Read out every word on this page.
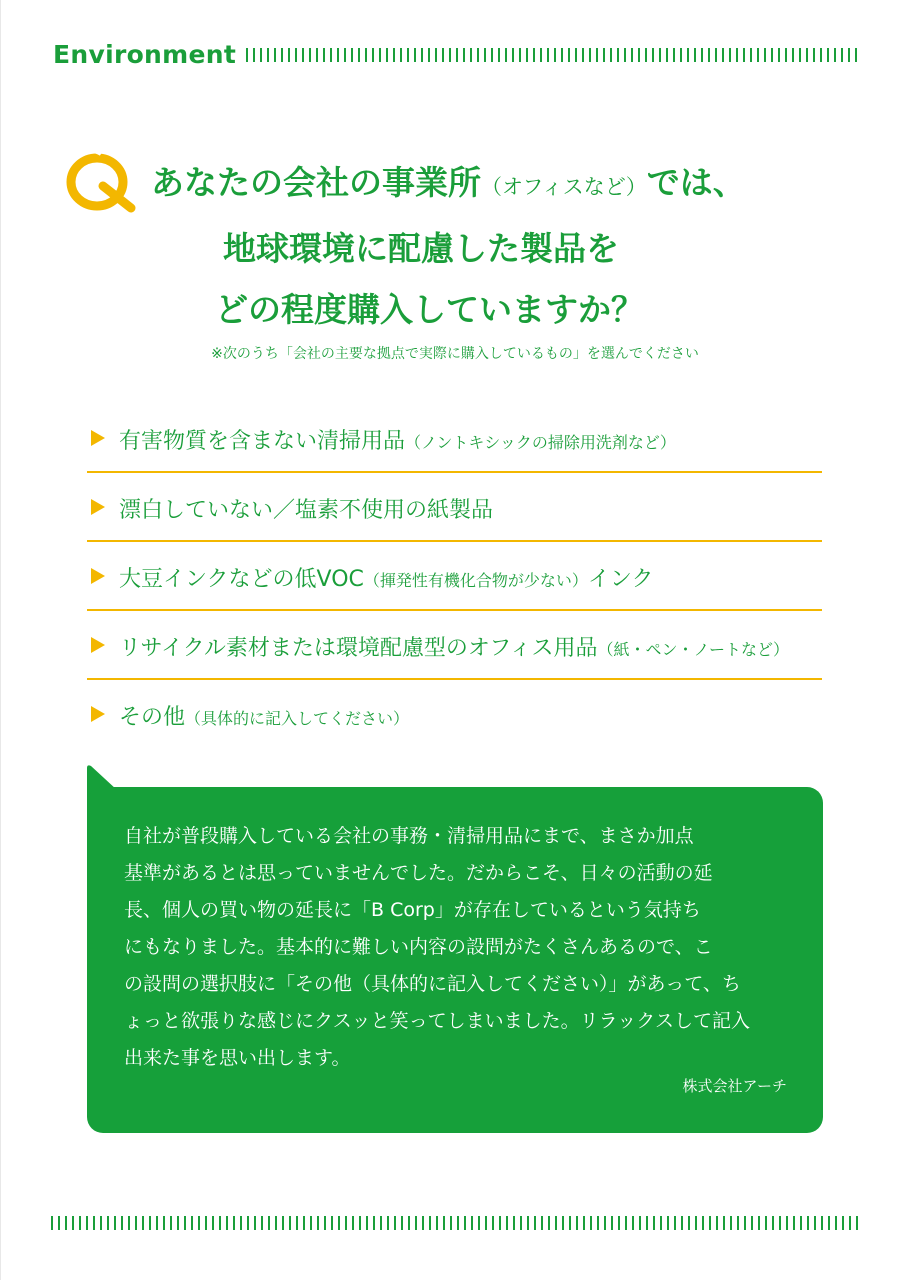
Environment
あなたの会社の事業所（オフィスなど）では、
地球環境に配慮した製品を
どの程度購入していますか？
※次のうち「会社の主要な拠点で実際に購入しているもの」を選んでください
有害物質を含まない清掃用品（ノントキシックの掃除用洗剤など）
漂白していない／塩素不使用の紙製品
大豆インクなどの低VOC（揮発性有機化合物が少ない）インク
リサイクル素材または環境配慮型のオフィス用品（紙・ペン・ノートなど）
その他（具体的に記入してください）

自社が普段購入している会社の事務・清掃用品にまで、まさか加点
基準があるとは思っていませんでした。だからこそ、日々の活動の延
長、個人の買い物の延長に「B Corp」が存在しているという気持ち
にもなりました。基本的に難しい内容の設問がたくさんあるので、こ
の設問の選択肢に「その他（具体的に記入してください）」があって、ち
ょっと欲張りな感じにクスッと笑ってしまいました。リラックスして記入
出来た事を思い出します。

株式会社アーチ
